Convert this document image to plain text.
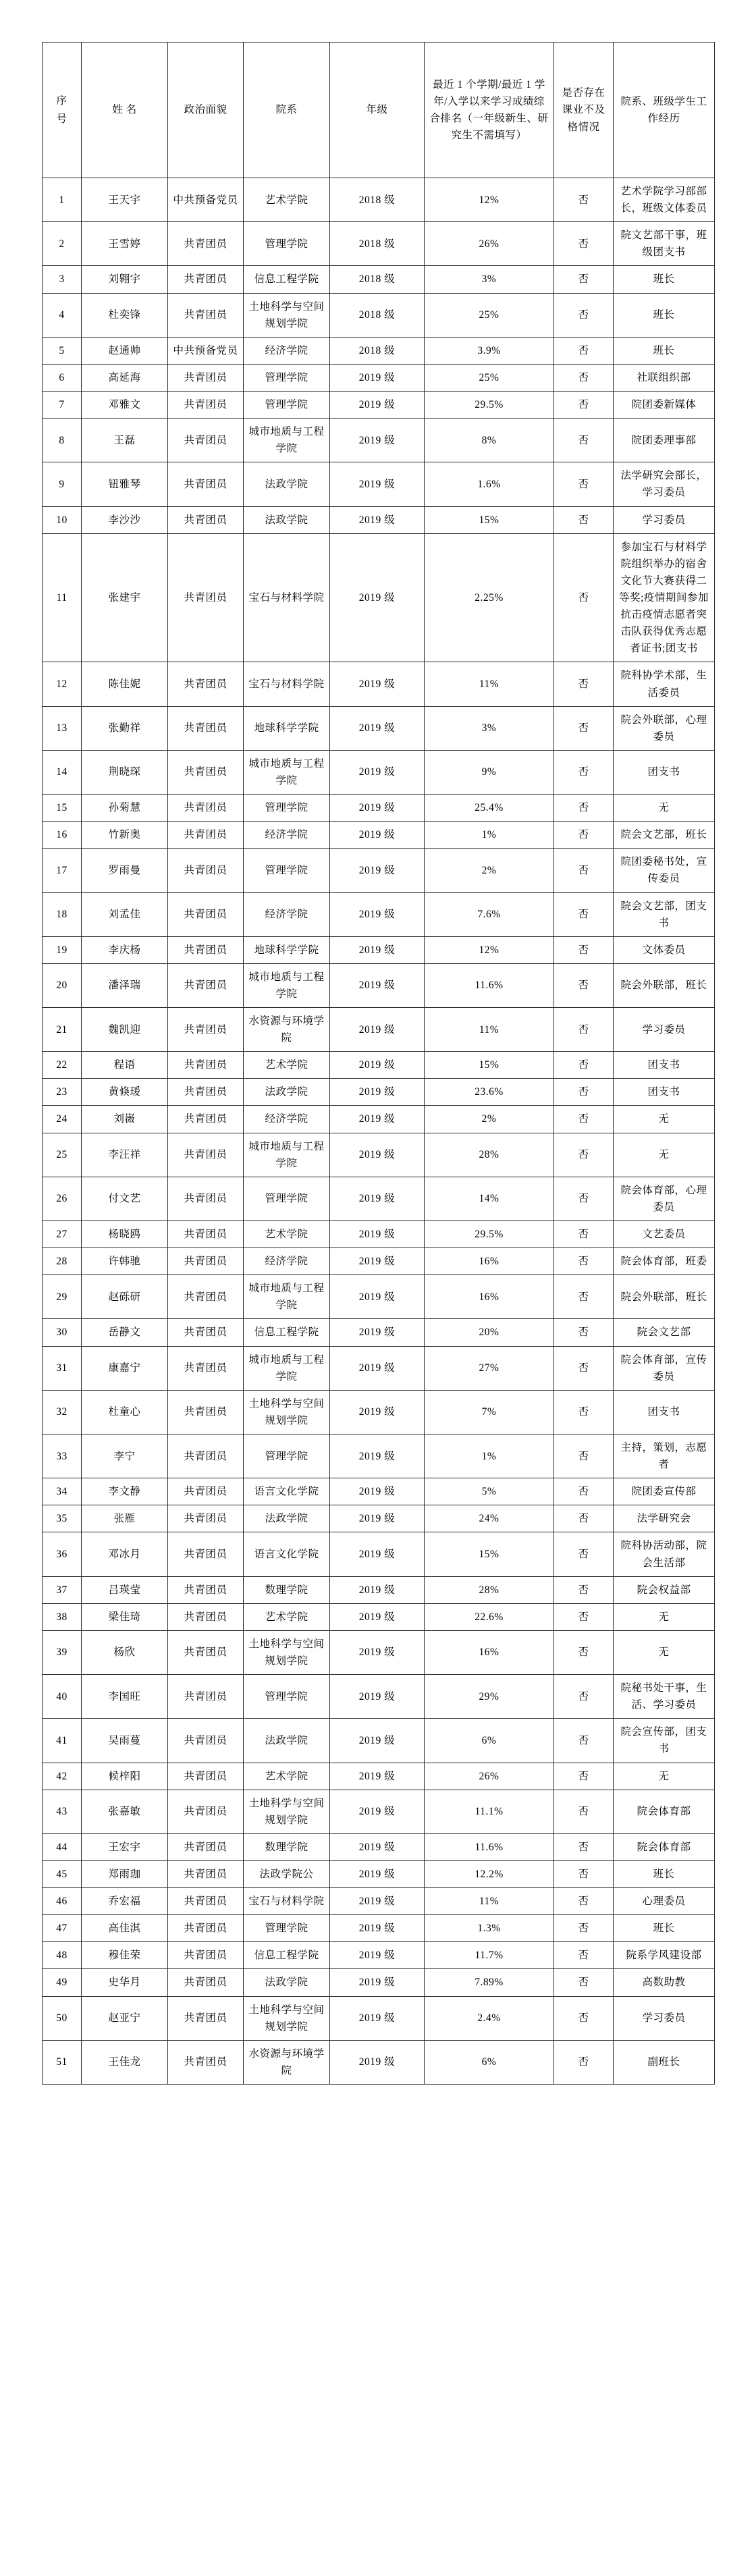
序
号	姓 名	政治面貌	院系	年级	最近 1 个学期/最近 1 学年/入学以来学习成绩综合排名（一年级新生、研究生不需填写）	是否存在课业不及格情况	院系、班级学生工作经历
1	王天宇	中共预备党员	艺术学院	2018 级	12%	否	艺术学院学习部部长，班级文体委员
2	王雪婷	共青团员	管理学院	2018 级	26%	否	院文艺部干事，班级团支书
3	刘翱宇	共青团员	信息工程学院	2018 级	3%	否	班长
4	杜奕锋	共青团员	土地科学与空间规划学院	2018 级	25%	否	班长
5	赵通帅	中共预备党员	经济学院	2018 级	3.9%	否	班长
6	高延海	共青团员	管理学院	2019 级	25%	否	社联组织部
7	邓雅文	共青团员	管理学院	2019 级	29.5%	否	院团委新媒体
8	王磊	共青团员	城市地质与工程学院	2019 级	8%	否	院团委理事部
9	钮雅琴	共青团员	法政学院	2019 级	1.6%	否	法学研究会部长，学习委员
10	李沙沙	共青团员	法政学院	2019 级	15%	否	学习委员
11	张建宇	共青团员	宝石与材料学院	2019 级	2.25%	否	参加宝石与材料学院组织举办的宿舍文化节大赛获得二等奖;疫情期间参加抗击疫情志愿者突击队获得优秀志愿者证书;团支书
12	陈佳妮	共青团员	宝石与材料学院	2019 级	11%	否	院科协学术部，生活委员
13	张勤祥	共青团员	地球科学学院	2019 级	3%	否	院会外联部，心理委员
14	荆晓琛	共青团员	城市地质与工程学院	2019 级	9%	否	团支书
15	孙菊慧	共青团员	管理学院	2019 级	25.4%	否	无
16	竹新奥	共青团员	经济学院	2019 级	1%	否	院会文艺部，班长
17	罗雨曼	共青团员	管理学院	2019 级	2%	否	院团委秘书处，宣传委员
18	刘孟佳	共青团员	经济学院	2019 级	7.6%	否	院会文艺部，团支书
19	李庆杨	共青团员	地球科学学院	2019 级	12%	否	文体委员
20	潘泽瑞	共青团员	城市地质与工程学院	2019 级	11.6%	否	院会外联部，班长
21	魏凯迎	共青团员	水资源与环境学院	2019 级	11%	否	学习委员
22	程语	共青团员	艺术学院	2019 级	15%	否	团支书
23	黄倏瑗	共青团员	法政学院	2019 级	23.6%	否	团支书
24	刘嶶	共青团员	经济学院	2019 级	2%	否	无
25	李汪祥	共青团员	城市地质与工程学院	2019 级	28%	否	无
26	付文艺	共青团员	管理学院	2019 级	14%	否	院会体育部，心理委员
27	杨晓鸥	共青团员	艺术学院	2019 级	29.5%	否	文艺委员
28	许韩驰	共青团员	经济学院	2019 级	16%	否	院会体育部，班委
29	赵砾研	共青团员	城市地质与工程学院	2019 级	16%	否	院会外联部，班长
30	岳静文	共青团员	信息工程学院	2019 级	20%	否	院会文艺部
31	康嘉宁	共青团员	城市地质与工程学院	2019 级	27%	否	院会体育部，宣传委员
32	杜童心	共青团员	土地科学与空间规划学院	2019 级	7%	否	团支书
33	李宁	共青团员	管理学院	2019 级	1%	否	主持，策划，志愿者
34	李文静	共青团员	语言文化学院	2019 级	5%	否	院团委宣传部
35	张雁	共青团员	法政学院	2019 级	24%	否	法学研究会
36	邓冰月	共青团员	语言文化学院	2019 级	15%	否	院科协活动部，院会生活部
37	吕瑛莹	共青团员	数理学院	2019 级	28%	否	院会权益部
38	梁佳琦	共青团员	艺术学院	2019 级	22.6%	否	无
39	杨欣	共青团员	土地科学与空间规划学院	2019 级	16%	否	无
40	李国旺	共青团员	管理学院	2019 级	29%	否	院秘书处干事，生活、学习委员
41	吴雨蔓	共青团员	法政学院	2019 级	6%	否	院会宣传部，团支书
42	候梓阳	共青团员	艺术学院	2019 级	26%	否	无
43	张嘉敏	共青团员	土地科学与空间规划学院	2019 级	11.1%	否	院会体育部
44	王宏宇	共青团员	数理学院	2019 级	11.6%	否	院会体育部
45	郑雨珈	共青团员	法政学院公	2019 级	12.2%	否	班长
46	乔宏福	共青团员	宝石与材料学院	2019 级	11%	否	心理委员
47	高佳淇	共青团员	管理学院	2019 级	1.3%	否	班长
48	穆佳荣	共青团员	信息工程学院	2019 级	11.7%	否	院系学风建设部
49	史华月	共青团员	法政学院	2019 级	7.89%	否	高数助教
50	赵亚宁	共青团员	土地科学与空间规划学院	2019 级	2.4%	否	学习委员
51	王佳龙	共青团员	水资源与环境学院	2019 级	6%	否	副班长
